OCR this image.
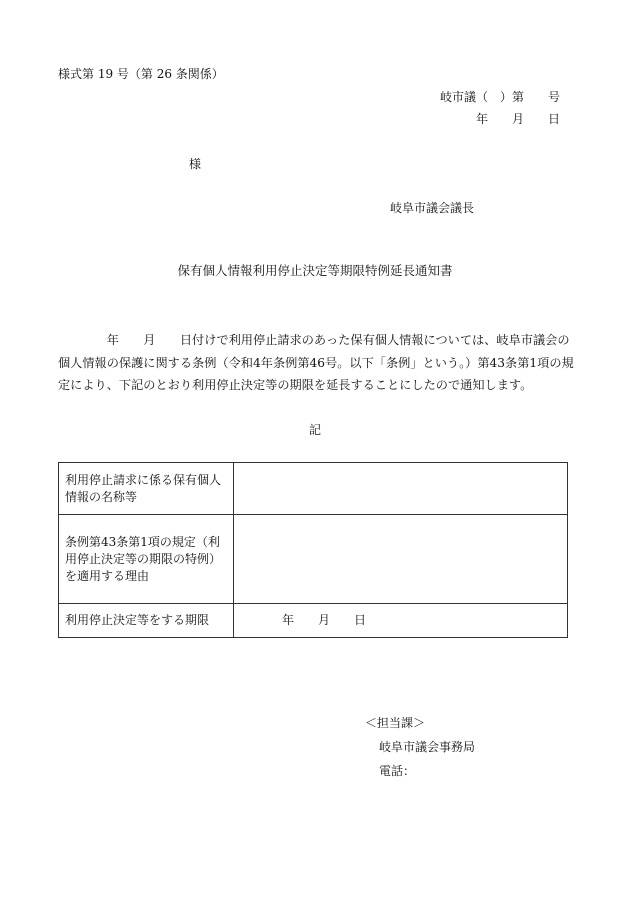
様式第 19 号（第 26 条関係）
岐市議（　）第　　号
年　　月　　日
様
岐阜市議会議長
保有個人情報利用停止決定等期限特例延長通知書
　　　　年　　月　　日付けで利用停止請求のあった保有個人情報については、岐阜市議会の個人情報の保護に関する条例（令和4年条例第46号。以下「条例」という。）第43条第1項の規定により、下記のとおり利用停止決定等の期限を延長することにしたので通知します。
記
利用停止請求に係る保有個人情報の名称等	
条例第43条第1項の規定（利用停止決定等の期限の特例）を適用する理由	
利用停止決定等をする期限	年　　月　　日
＜担当課＞
岐阜市議会事務局
電話：
